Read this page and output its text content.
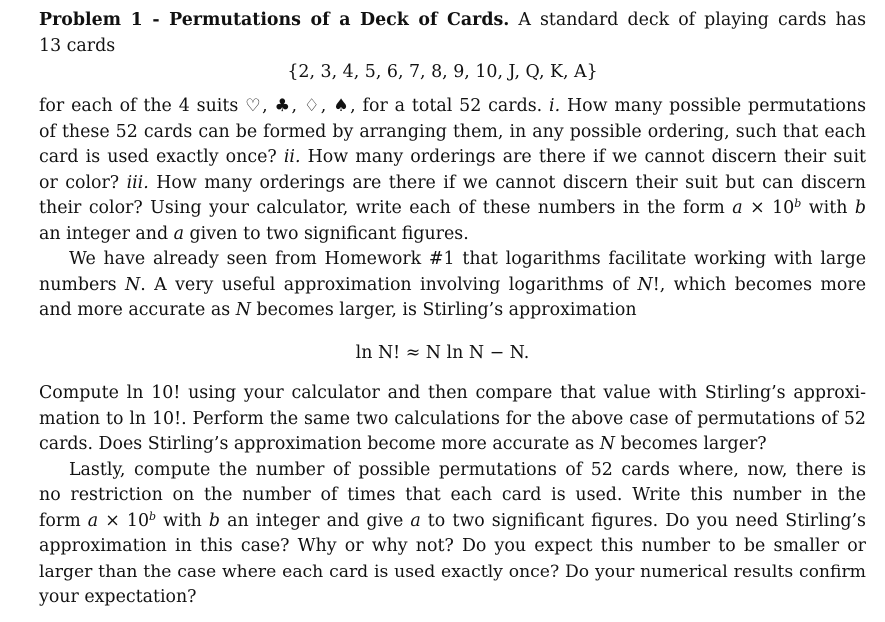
Problem 1 - Permutations of a Deck of Cards. A standard deck of playing cards has
13 cards
{2, 3, 4, 5, 6, 7, 8, 9, 10, J, Q, K, A}
for each of the 4 suits ♡, ♣, ♢, ♠, for a total 52 cards. i. How many possible permutations
of these 52 cards can be formed by arranging them, in any possible ordering, such that each
card is used exactly once? ii. How many orderings are there if we cannot discern their suit
or color? iii. How many orderings are there if we cannot discern their suit but can discern
their color? Using your calculator, write each of these numbers in the form $a \times 10^b$ with b
an integer and a given to two significant figures.
We have already seen from Homework #1 that logarithms facilitate working with large
numbers N. A very useful approximation involving logarithms of N!, which becomes more
and more accurate as N becomes larger, is Stirling’s approximation
ln N! ≈ N ln N − N.
Compute ln 10! using your calculator and then compare that value with Stirling’s approxi-
mation to ln 10!. Perform the same two calculations for the above case of permutations of 52
cards. Does Stirling’s approximation become more accurate as N becomes larger?
Lastly, compute the number of possible permutations of 52 cards where, now, there is
no restriction on the number of times that each card is used. Write this number in the
form $a \times 10^b$ with b an integer and give a to two significant figures. Do you need Stirling’s
approximation in this case? Why or why not? Do you expect this number to be smaller or
larger than the case where each card is used exactly once? Do your numerical results confirm
your expectation?
